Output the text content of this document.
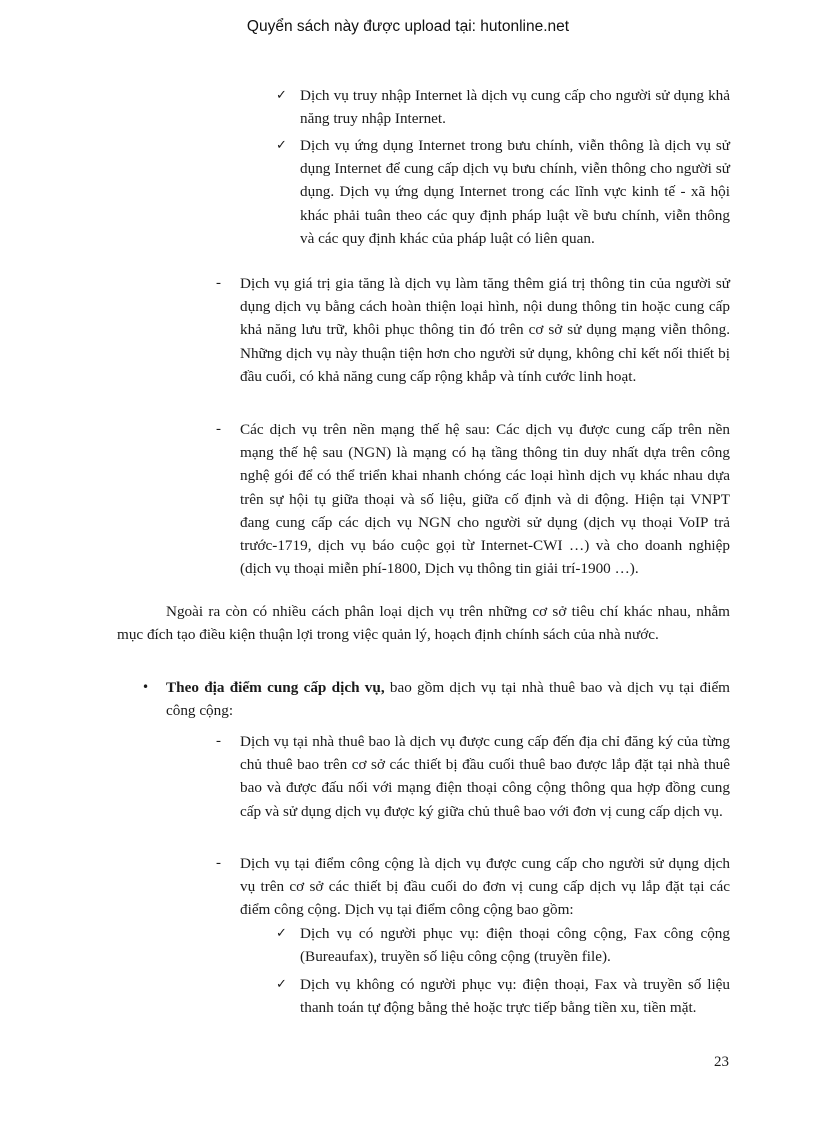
Quyển sách này được upload tại: hutonline.net
✓ Dịch vụ truy nhập Internet là dịch vụ cung cấp cho người sử dụng khả năng truy nhập Internet.
✓ Dịch vụ ứng dụng Internet trong bưu chính, viễn thông là dịch vụ sử dụng Internet để cung cấp dịch vụ bưu chính, viễn thông cho người sử dụng. Dịch vụ ứng dụng Internet trong các lĩnh vực kinh tế - xã hội khác phải tuân theo các quy định pháp luật về bưu chính, viễn thông và các quy định khác của pháp luật có liên quan.
- Dịch vụ giá trị gia tăng là dịch vụ làm tăng thêm giá trị thông tin của người sử dụng dịch vụ bằng cách hoàn thiện loại hình, nội dung thông tin hoặc cung cấp khả năng lưu trữ, khôi phục thông tin đó trên cơ sở sử dụng mạng viễn thông. Những dịch vụ này thuận tiện hơn cho người sử dụng, không chỉ kết nối thiết bị đầu cuối, có khả năng cung cấp rộng khắp và tính cước linh hoạt.
- Các dịch vụ trên nền mạng thế hệ sau: Các dịch vụ được cung cấp trên nền mạng thế hệ sau (NGN) là mạng có hạ tầng thông tin duy nhất dựa trên công nghệ gói để có thể triển khai nhanh chóng các loại hình dịch vụ khác nhau dựa trên sự hội tụ giữa thoại và số liệu, giữa cố định và di động. Hiện tại VNPT đang cung cấp các dịch vụ NGN cho người sử dụng (dịch vụ thoại VoIP trả trước-1719, dịch vụ báo cuộc gọi từ Internet-CWI …) và cho doanh nghiệp (dịch vụ thoại miễn phí-1800, Dịch vụ thông tin giải trí-1900 …).
Ngoài ra còn có nhiều cách phân loại dịch vụ trên những cơ sở tiêu chí khác nhau, nhằm mục đích tạo điều kiện thuận lợi trong việc quản lý, hoạch định chính sách của nhà nước.
• Theo địa điểm cung cấp dịch vụ, bao gồm dịch vụ tại nhà thuê bao và dịch vụ tại điểm công cộng:
- Dịch vụ tại nhà thuê bao là dịch vụ được cung cấp đến địa chỉ đăng ký của từng chủ thuê bao trên cơ sở các thiết bị đầu cuối thuê bao được lắp đặt tại nhà thuê bao và được đấu nối với mạng điện thoại công cộng thông qua hợp đồng cung cấp và sử dụng dịch vụ được ký giữa chủ thuê bao với đơn vị cung cấp dịch vụ.
- Dịch vụ tại điểm công cộng là dịch vụ được cung cấp cho người sử dụng dịch vụ trên cơ sở các thiết bị đầu cuối do đơn vị cung cấp dịch vụ lắp đặt tại các điểm công cộng. Dịch vụ tại điểm công cộng bao gồm:
✓ Dịch vụ có người phục vụ: điện thoại công cộng, Fax công cộng (Bureaufax), truyền số liệu công cộng (truyền file).
✓ Dịch vụ không có người phục vụ: điện thoại, Fax và truyền số liệu thanh toán tự động bằng thẻ hoặc trực tiếp bằng tiền xu, tiền mặt.
23
